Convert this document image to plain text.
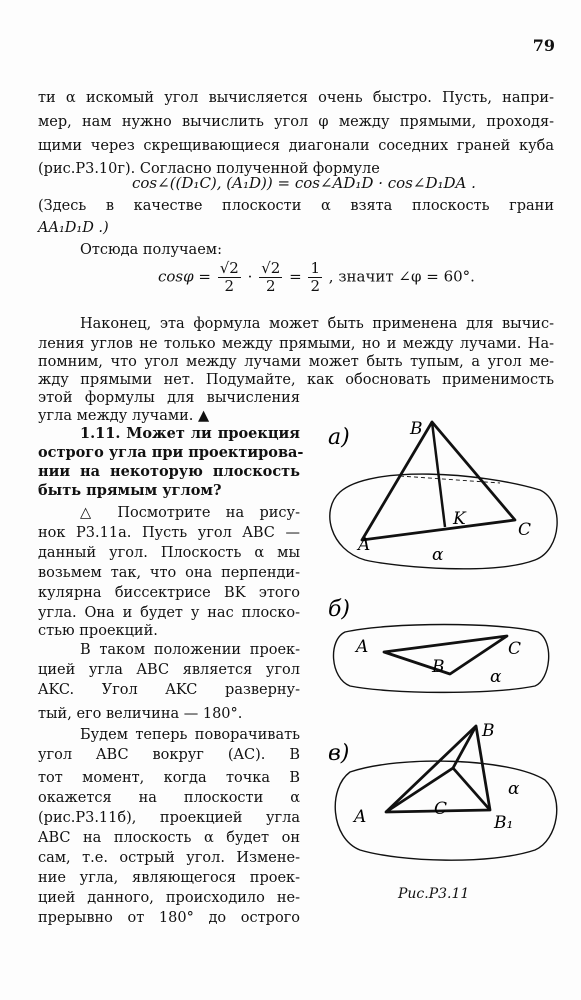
79
ти α искомый угол вычисляется очень быстро. Пусть, напри-
мер, нам нужно вычислить угол φ между прямыми, проходя-
щими через скрещивающиеся диагонали соседних граней куба
(рис.Р3.10г). Согласно полученной формуле
cos∠((D₁C), (A₁D)) = cos∠AD₁D · cos∠D₁DA .
(Здесь в качестве плоскости α взята плоскость грани
AA₁D₁D .)
Отсюда получаем:
$\cos\varphi = \frac{√2}{2} \cdot \frac{√2}{2} = \frac{1}{2}$ , значит ∠φ = 60°.
Наконец, эта формула может быть применена для вычис-
ления углов не только между прямыми, но и между лучами. На-
помним, что угол между лучами может быть тупым, а угол ме-
жду прямыми нет. Подумайте, как обосновать применимость
этой формулы для вычисления
угла между лучами. ▲
1.11. Может ли проекция
острого угла при проектирова-
нии на некоторую плоскость
быть прямым углом?
△ Посмотрите на рису-
нок Р3.11а. Пусть угол ABC —
данный угол. Плоскость α мы
возьмем так, что она перпенди-
кулярна биссектрисе BK этого
угла. Она и будет у нас плоско-
стью проекций.
В таком положении проек-
цией угла ABC является угол
AKC. Угол AKC разверну-
тый, его величина — 180°.
Будем теперь поворачивать
угол ABC вокруг (AC). В
тот момент, когда точка B
окажется на плоскости α
(рис.Р3.11б), проекцией угла
ABC на плоскость α будет он
сам, т.е. острый угол. Измене-
ние угла, являющегося проек-
цией данного, происходило не-
прерывно от 180° до острого
а)	B
K
A
C
α
б)
A
B
C
α
в)
B
C
A	B₁
α
Рис.Р3.11
